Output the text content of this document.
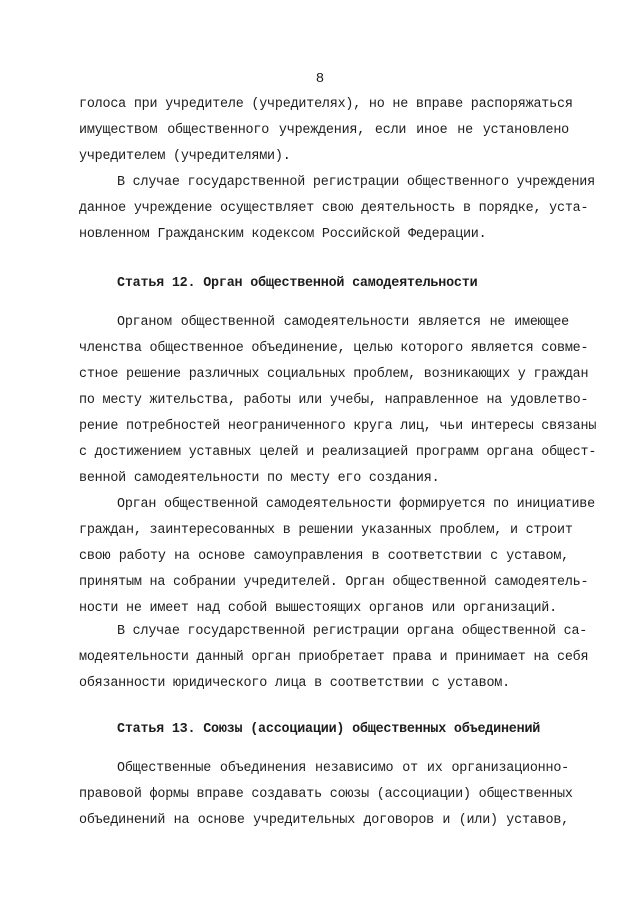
8
голоса при учредителе (учредителях), но не вправе распоряжаться
имуществом общественного учреждения, если иное не установлено
учредителем (учредителями).
В случае государственной регистрации общественного учреждения
данное учреждение осуществляет свою деятельность в порядке, уста-
новленном Гражданским кодексом Российской Федерации.
Статья 12. Орган общественной самодеятельности
Органом общественной самодеятельности является не имеющее
членства общественное объединение, целью которого является совме-
стное решение различных социальных проблем, возникающих у граждан
по месту жительства, работы или учебы, направленное на удовлетво-
рение потребностей неограниченного круга лиц, чьи интересы связаны
с достижением уставных целей и реализацией программ органа общест-
венной самодеятельности по месту его создания.
Орган общественной самодеятельности формируется по инициативе
граждан, заинтересованных в решении указанных проблем, и строит
свою работу на основе самоуправления в соответствии с уставом,
принятым на собрании учредителей. Орган общественной самодеятель-
ности не имеет над собой вышестоящих органов или организаций.
В случае государственной регистрации органа общественной са-
модеятельности данный орган приобретает права и принимает на себя
обязанности юридического лица в соответствии с уставом.
Статья 13. Союзы (ассоциации) общественных объединений
Общественные объединения независимо от их организационно-
правовой формы вправе создавать союзы (ассоциации) общественных
объединений на основе учредительных договоров и (или) уставов,
